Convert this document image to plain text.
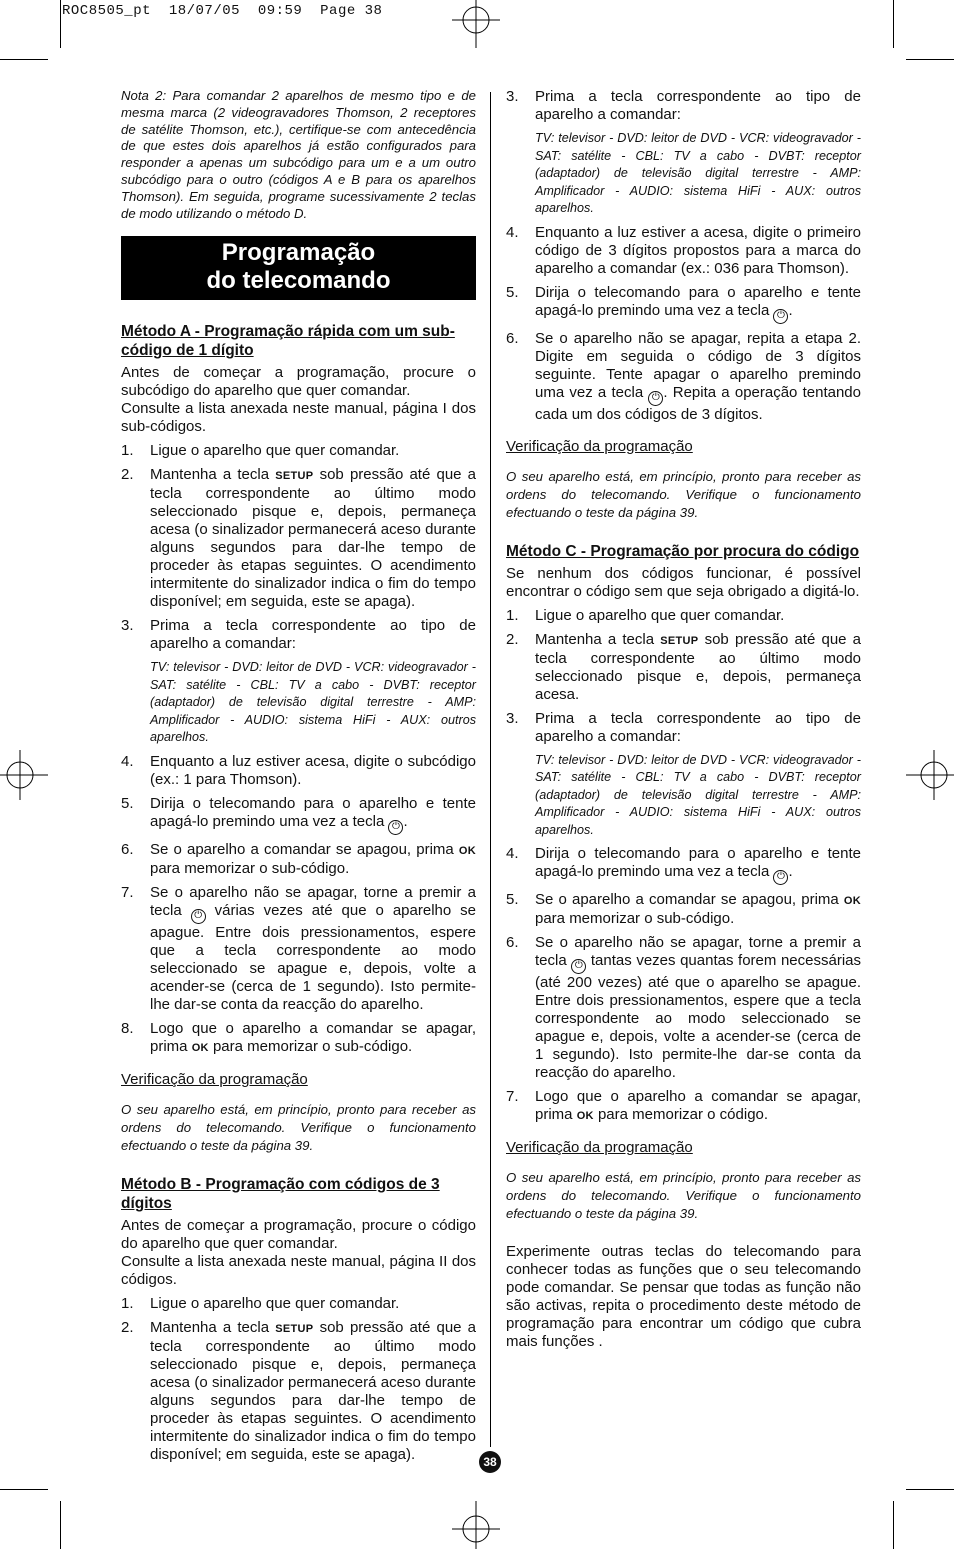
ROC8505_pt  18/07/05  09:59  Page 38

Nota 2: Para comandar 2 aparelhos de mesmo tipo e de mesma marca (2 videogravadores Thomson, 2 receptores de satélite Thomson, etc.), certifique-se com antecedência de que estes dois aparelhos já estão configurados para responder a apenas um subcódigo para um e a um outro subcódigo para o outro (códigos A e B para os aparelhos Thomson). Em seguida, programe sucessivamente 2 teclas de modo utilizando o método D.

Programação
do telecomando

Método A - Programação rápida com um sub-código de 1 dígito

Antes de começar a programação, procure o subcódigo do aparelho que quer comandar.
Consulte a lista anexada neste manual, página I dos sub-códigos.

1. Ligue o aparelho que quer comandar.
2. Mantenha a tecla SETUP sob pressão até que a tecla correspondente ao último modo seleccionado pisque e, depois, permaneça acesa (o sinalizador permanecerá aceso durante alguns segundos para dar-lhe tempo de proceder às etapas seguintes. O acendimento intermitente do sinalizador indica o fim do tempo disponível; em seguida, este se apaga).
3. Prima a tecla correspondente ao tipo de aparelho a comandar:
TV: televisor - DVD: leitor de DVD - VCR: videogravador - SAT: satélite - CBL: TV a cabo - DVBT: receptor (adaptador) de televisão digital terrestre - AMP: Amplificador - AUDIO: sistema HiFi - AUX: outros aparelhos.
4. Enquanto a luz estiver acesa, digite o subcódigo (ex.: 1 para Thomson).
5. Dirija o telecomando para o aparelho e tente apagá-lo premindo uma vez a tecla ⏻ .
6. Se o aparelho a comandar se apagou, prima OK para memorizar o sub-código.
7. Se o aparelho não se apagar, torne a premir a tecla ⏻ várias vezes até que o aparelho se apague. Entre dois pressionamentos, espere que a tecla correspondente ao modo seleccionado se apague e, depois, volte a acender-se (cerca de 1 segundo). Isto permite-lhe dar-se conta da reacção do aparelho.
8. Logo que o aparelho a comandar se apagar, prima OK para memorizar o sub-código.

Verificação da programação

O seu aparelho está, em princípio, pronto para receber as ordens do telecomando. Verifique o funcionamento efectuando o teste da página 39.

Método B - Programação com códigos de 3 dígitos

Antes de começar a programação, procure o código do aparelho que quer comandar.
Consulte a lista anexada neste manual, página II dos códigos.

1. Ligue o aparelho que quer comandar.
2. Mantenha a tecla SETUP sob pressão até que a tecla correspondente ao último modo seleccionado pisque e, depois, permaneça acesa (o sinalizador permanecerá aceso durante alguns segundos para dar-lhe tempo de proceder às etapas seguintes. O acendimento intermitente do sinalizador indica o fim do tempo disponível; em seguida, este se apaga).
3. Prima a tecla correspondente ao tipo de aparelho a comandar:
TV: televisor - DVD: leitor de DVD - VCR: videogravador - SAT: satélite - CBL: TV a cabo - DVBT: receptor (adaptador) de televisão digital terrestre - AMP: Amplificador - AUDIO: sistema HiFi - AUX: outros aparelhos.
4. Enquanto a luz estiver a acesa, digite o primeiro código de 3 dígitos propostos para a marca do aparelho a comandar (ex.: 036 para Thomson).
5. Dirija o telecomando para o aparelho e tente apagá-lo premindo uma vez a tecla ⏻ .
6. Se o aparelho não se apagar, repita a etapa 2. Digite em seguida o código de 3 dígitos seguinte. Tente apagar o aparelho premindo uma vez a tecla ⏻ . Repita a operação tentando cada um dos códigos de 3 dígitos.

Verificação da programação

O seu aparelho está, em princípio, pronto para receber as ordens do telecomando. Verifique o funcionamento efectuando o teste da página 39.

Método C - Programação por procura do código

Se nenhum dos códigos funcionar, é possível encontrar o código sem que seja obrigado a digitá-lo.

1. Ligue o aparelho que quer comandar.
2. Mantenha a tecla SETUP sob pressão até que a tecla correspondente ao último modo seleccionado pisque e, depois, permaneça acesa.
3. Prima a tecla correspondente ao tipo de aparelho a comandar:
TV: televisor - DVD: leitor de DVD - VCR: videogravador - SAT: satélite - CBL: TV a cabo - DVBT: receptor (adaptador) de televisão digital terrestre - AMP: Amplificador - AUDIO: sistema HiFi - AUX: outros aparelhos.
4. Dirija o telecomando para o aparelho e tente apagá-lo premindo uma vez a tecla ⏻ .
5. Se o aparelho a comandar se apagou, prima OK para memorizar o sub-código.
6. Se o aparelho não se apagar, torne a premir a tecla ⏻ tantas vezes quantas forem necessárias (até 200 vezes) até que o aparelho se apague. Entre dois pressionamentos, espere que a tecla correspondente ao modo seleccionado se apague e, depois, volte a acender-se (cerca de 1 segundo). Isto permite-lhe dar-se conta da reacção do aparelho.
7. Logo que o aparelho a comandar se apagar, prima OK para memorizar o código.

Verificação da programação

O seu aparelho está, em princípio, pronto para receber as ordens do telecomando. Verifique o funcionamento efectuando o teste da página 39.

Experimente outras teclas do telecomando para conhecer todas as funções que o seu telecomando pode comandar. Se pensar que todas as função não são activas, repita o procedimento deste método de programação para encontrar um código que cubra mais funções .

38
